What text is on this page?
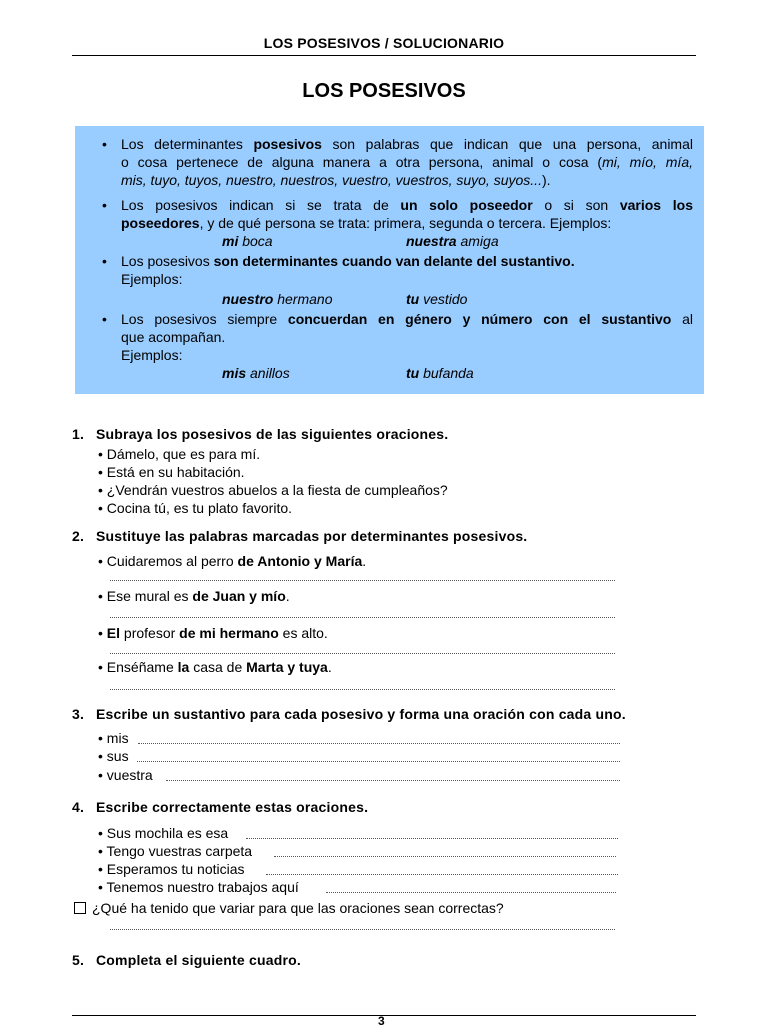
LOS POSESIVOS / SOLUCIONARIO
LOS POSESIVOS
•	Los determinantes posesivos son palabras que indican que una persona, animal
o cosa pertenece de alguna manera a otra persona, animal o cosa (mi, mío, mía,
mis, tuyo, tuyos, nuestro, nuestros, vuestro, vuestros, suyo, suyos...).
•	Los posesivos indican si se trata de un solo poseedor o si son varios los
poseedores, y de qué persona se trata: primera, segunda o tercera. Ejemplos:
mi boca	nuestra amiga
•	Los posesivos son determinantes cuando van delante del sustantivo.
Ejemplos:
nuestro hermano	tu vestido
•	Los posesivos siempre concuerdan en género y número con el sustantivo al
que acompañan.
Ejemplos:
mis anillos	tu bufanda
1. Subraya los posesivos de las siguientes oraciones.
• Dámelo, que es para mí.
• Está en su habitación.
• ¿Vendrán vuestros abuelos a la fiesta de cumpleaños?
• Cocina tú, es tu plato favorito.
2. Sustituye las palabras marcadas por determinantes posesivos.
• Cuidaremos al perro de Antonio y María.
• Ese mural es de Juan y mío.
• El profesor de mi hermano es alto.
• Enséñame la casa de Marta y tuya.
3. Escribe un sustantivo para cada posesivo y forma una oración con cada uno.
• mis
• sus
• vuestra
4. Escribe correctamente estas oraciones.
• Sus mochila es esa
• Tengo vuestras carpeta
• Esperamos tu noticias
• Tenemos nuestro trabajos aquí
¿Qué ha tenido que variar para que las oraciones sean correctas?
5. Completa el siguiente cuadro.
3
